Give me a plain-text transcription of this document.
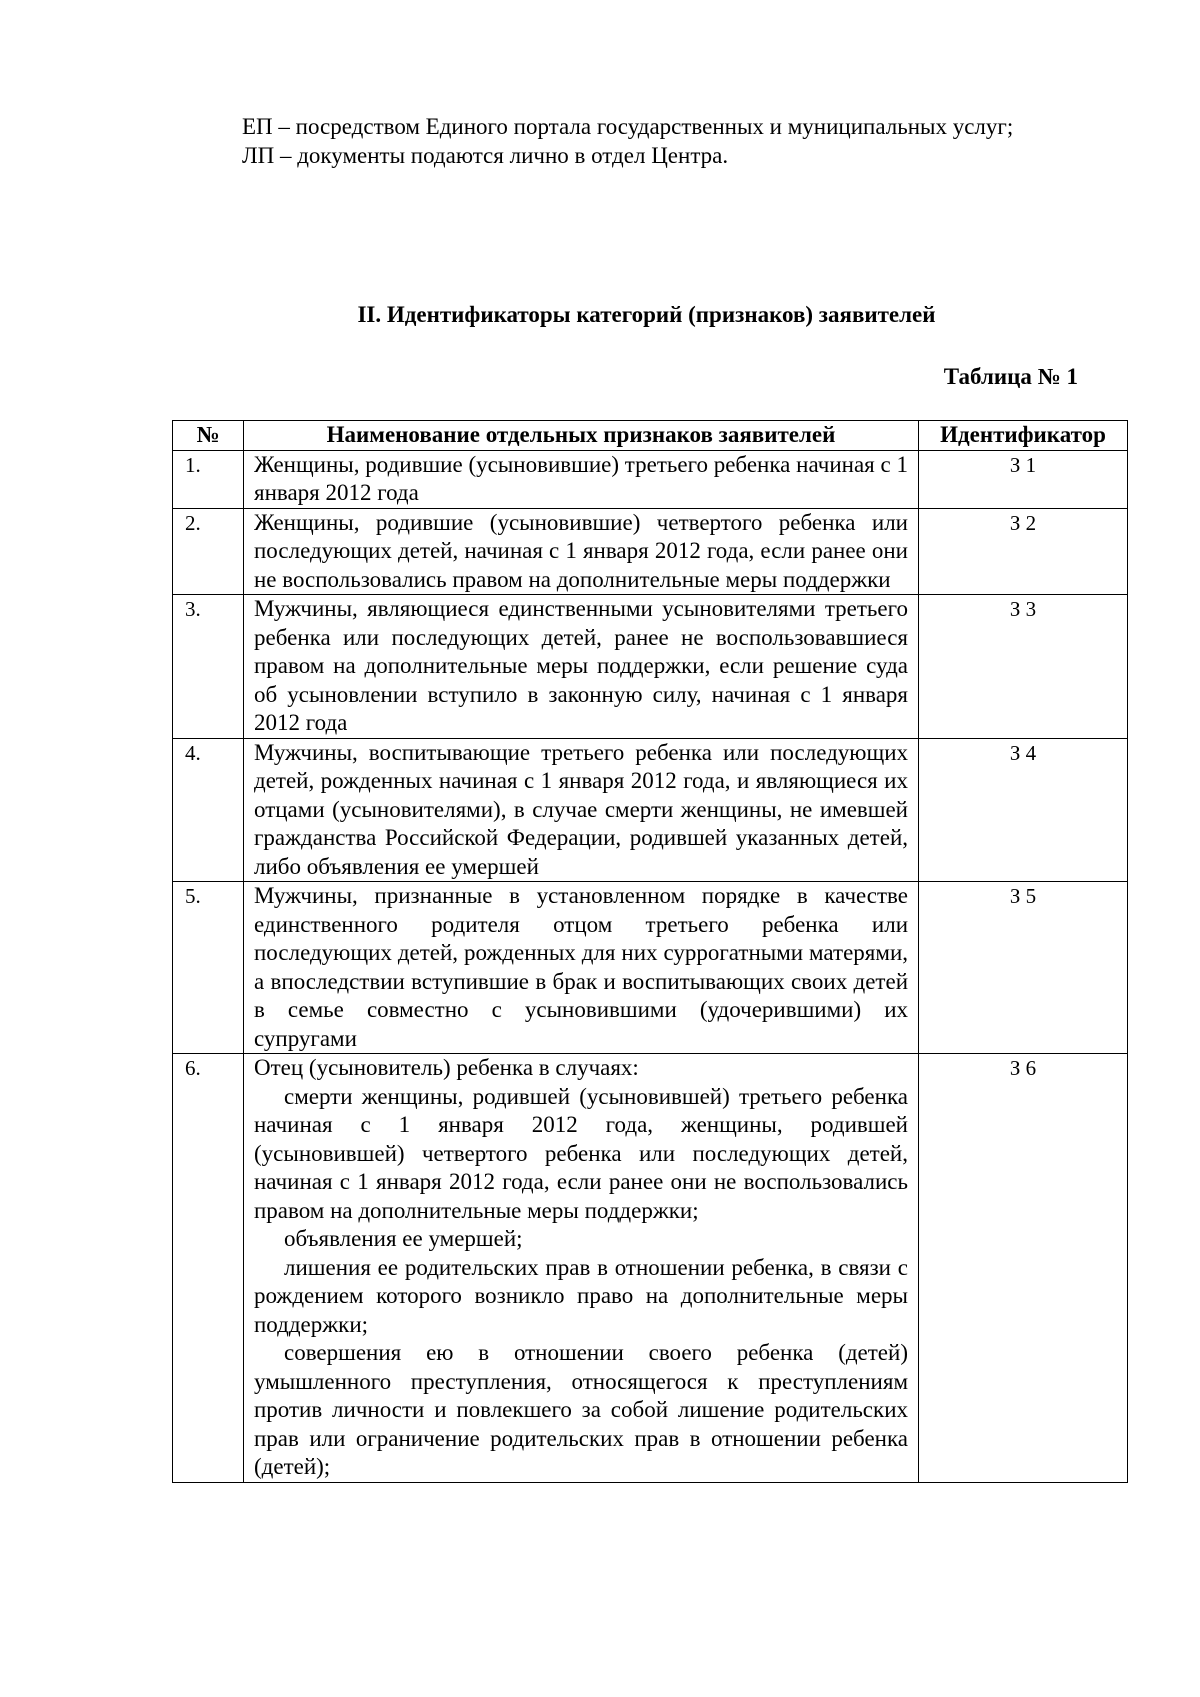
ЕП – посредством Единого портала государственных и муниципальных услуг;

ЛП – документы подаются лично в отдел Центра.

II. Идентификаторы категорий (признаков) заявителей
Таблица № 1
№	Наименование отдельных признаков заявителей	Идентификатор
1.	Женщины, родившие (усыновившие) третьего ребенка начиная с 1 января 2012 года	З 1
2.	Женщины, родившие (усыновившие) четвертого ребенка или последующих детей, начиная с 1 января 2012 года, если ранее они не воспользовались правом на дополнительные меры поддержки	З 2
3.	Мужчины, являющиеся единственными усыновителями третьего ребенка или последующих детей, ранее не воспользовавшиеся правом на дополнительные меры поддержки, если решение суда об усыновлении вступило в законную силу, начиная с 1 января 2012 года	З 3
4.	Мужчины, воспитывающие третьего ребенка или последующих детей, рожденных начиная с 1 января 2012 года, и являющиеся их отцами (усыновителями), в случае смерти женщины, не имевшей гражданства Российской Федерации, родившей указанных детей, либо объявления ее умершей	З 4
5.	Мужчины, признанные в установленном порядке в качестве единственного родителя отцом третьего ребенка или последующих детей, рожденных для них суррогатными матерями, а впоследствии вступившие в брак и воспитывающих своих детей в семье совместно с усыновившими (удочерившими) их супругами	З 5
6.	Отец (усыновитель) ребенка в случаях:
смерти женщины, родившей (усыновившей) третьего ребенка начиная с 1 января 2012 года, женщины, родившей (усыновившей) четвертого ребенка или последующих детей, начиная с 1 января 2012 года, если ранее они не воспользовались правом на дополнительные меры поддержки;
объявления ее умершей;
лишения ее родительских прав в отношении ребенка, в связи с рождением которого возникло право на дополнительные меры поддержки;
совершения ею в отношении своего ребенка (детей) умышленного преступления, относящегося к преступлениям против личности и повлекшего за собой лишение родительских прав или ограничение родительских прав в отношении ребенка (детей);	З 6
